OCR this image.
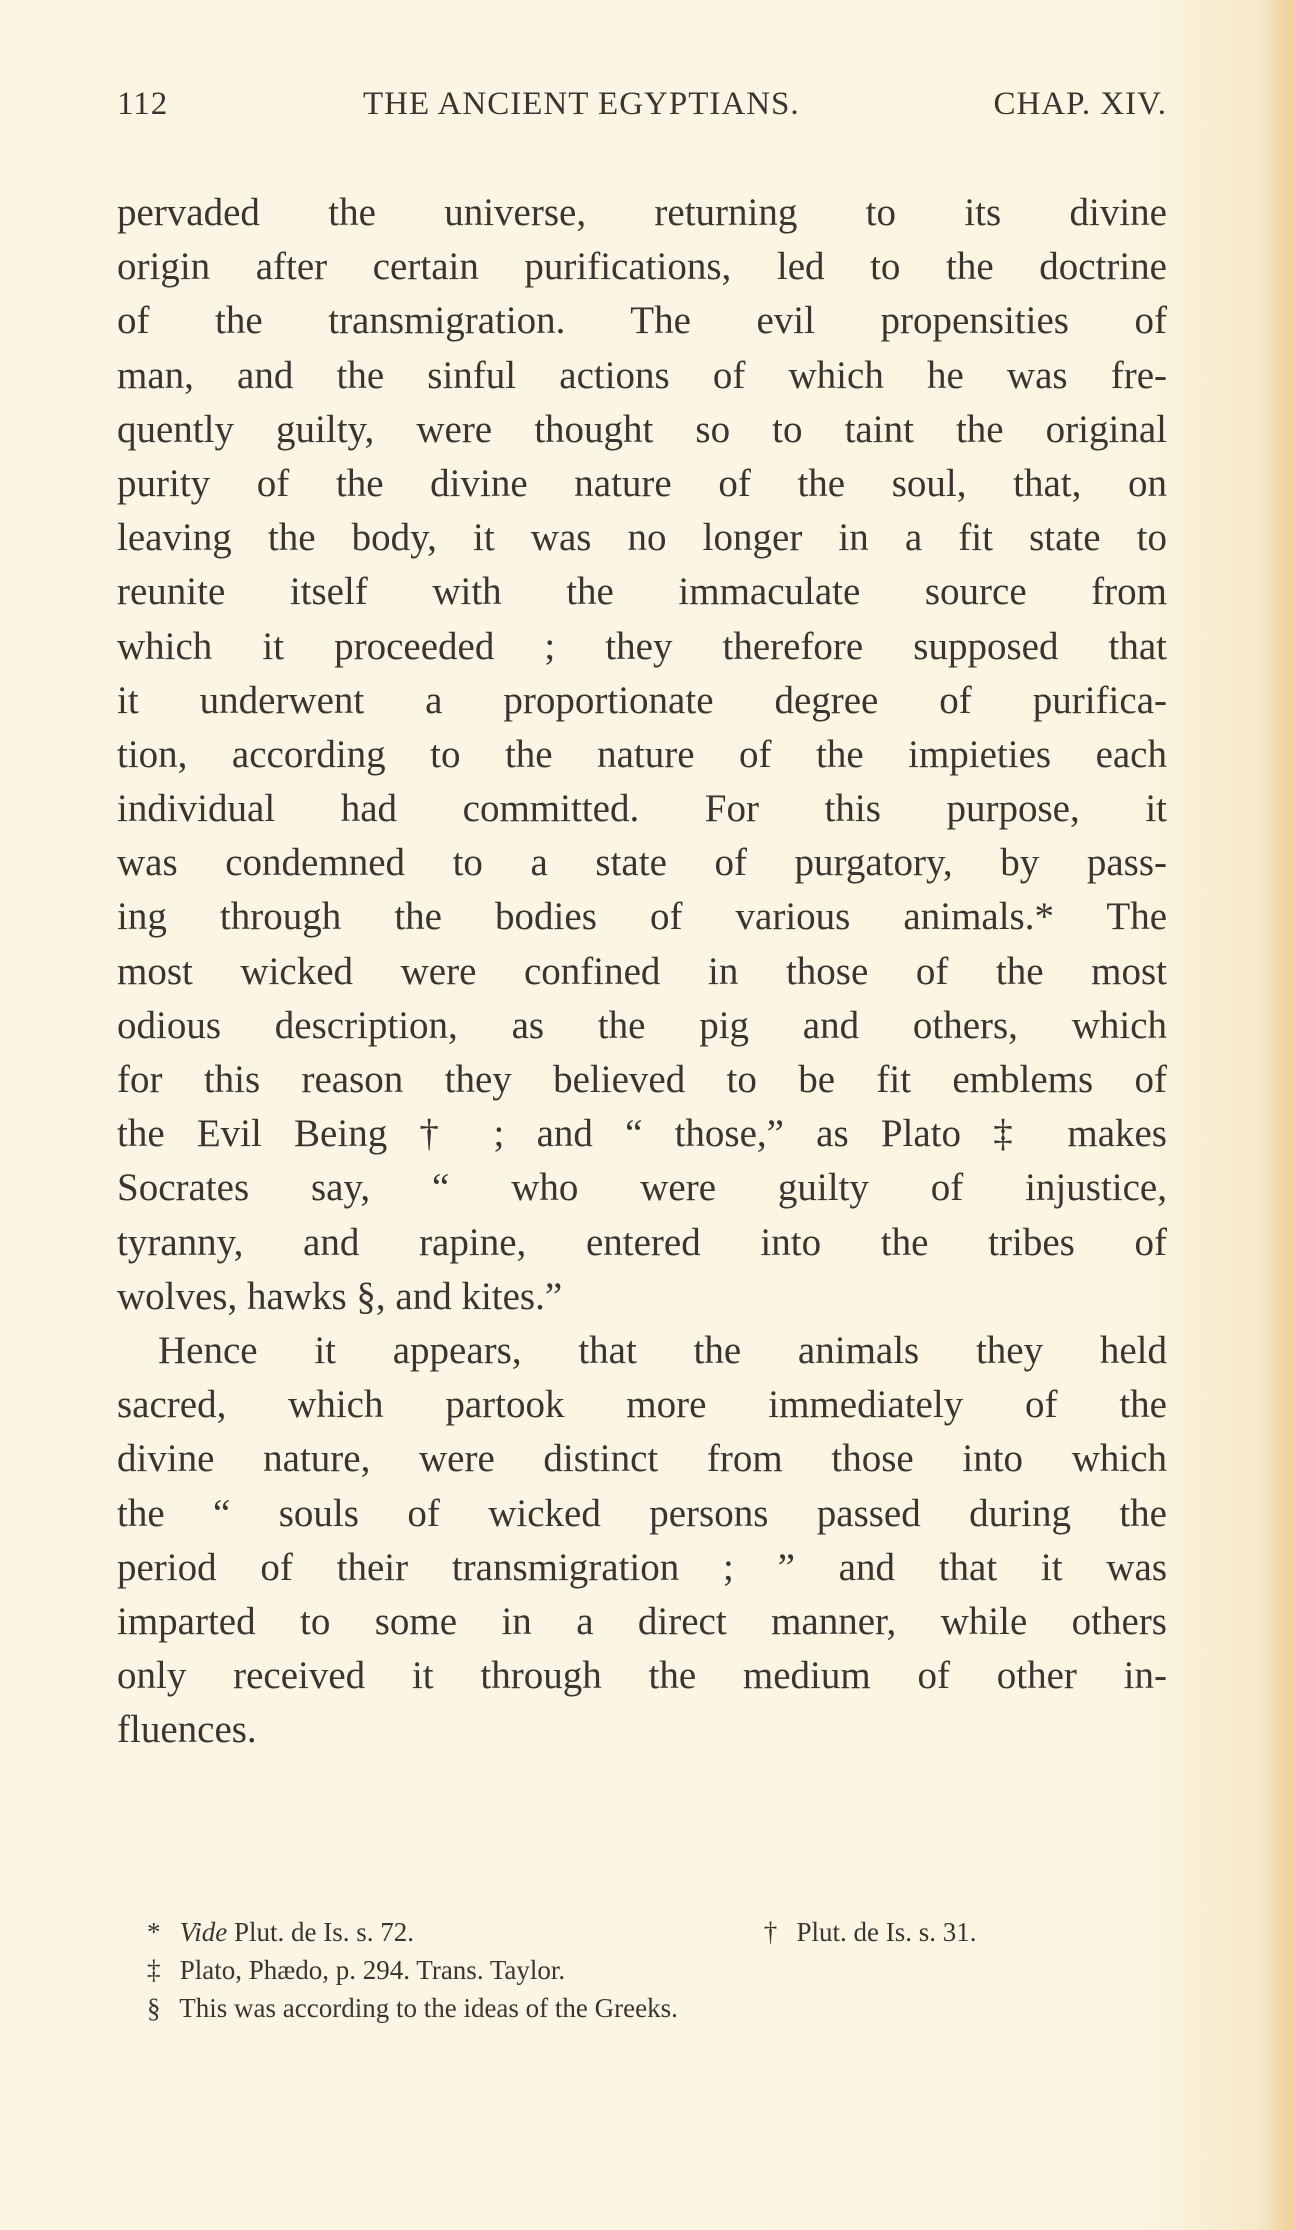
112	THE ANCIENT EGYPTIANS.	CHAP. XIV.
pervaded the universe, returning to its divine
origin after certain purifications, led to the doctrine
of the transmigration. The evil propensities of
man, and the sinful actions of which he was fre-
quently guilty, were thought so to taint the original
purity of the divine nature of the soul, that, on
leaving the body, it was no longer in a fit state to
reunite itself with the immaculate source from
which it proceeded ; they therefore supposed that
it underwent a proportionate degree of purifica-
tion, according to the nature of the impieties each
individual had committed. For this purpose, it
was condemned to a state of purgatory, by pass-
ing through the bodies of various animals.* The
most wicked were confined in those of the most
odious description, as the pig and others, which
for this reason they believed to be fit emblems of
the Evil Being † ; and “ those,” as Plato ‡ makes
Socrates say, “ who were guilty of injustice,
tyranny, and rapine, entered into the tribes of
wolves, hawks §, and kites.”
Hence it appears, that the animals they held
sacred, which partook more immediately of the
divine nature, were distinct from those into which
the “ souls of wicked persons passed during the
period of their transmigration ; ” and that it was
imparted to some in a direct manner, while others
only received it through the medium of other in-
fluences.
* Vide Plut. de Is. s. 72.	† Plut. de Is. s. 31.
‡ Plato, Phædo, p. 294. Trans. Taylor.
§ This was according to the ideas of the Greeks.
